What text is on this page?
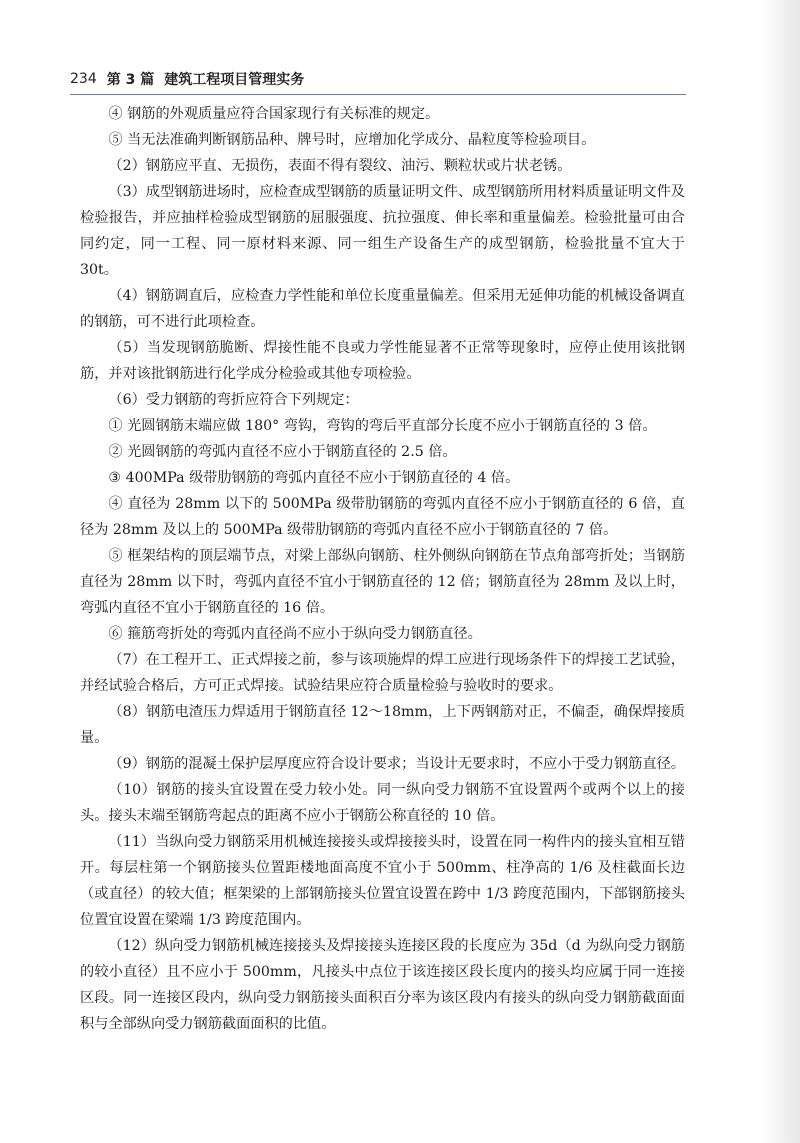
234 第 3 篇 建筑工程项目管理实务

④ 钢筋的外观质量应符合国家现行有关标准的规定。

⑤ 当无法准确判断钢筋品种、牌号时，应增加化学成分、晶粒度等检验项目。

（2）钢筋应平直、无损伤，表面不得有裂纹、油污、颗粒状或片状老锈。

（3）成型钢筋进场时，应检查成型钢筋的质量证明文件、成型钢筋所用材料质量证明文件及检验报告，并应抽样检验成型钢筋的屈服强度、抗拉强度、伸长率和重量偏差。检验批量可由合同约定，同一工程、同一原材料来源、同一组生产设备生产的成型钢筋，检验批量不宜大于 30t。

（4）钢筋调直后，应检查力学性能和单位长度重量偏差。但采用无延伸功能的机械设备调直的钢筋，可不进行此项检查。

（5）当发现钢筋脆断、焊接性能不良或力学性能显著不正常等现象时，应停止使用该批钢筋，并对该批钢筋进行化学成分检验或其他专项检验。

（6）受力钢筋的弯折应符合下列规定：

① 光圆钢筋末端应做 180° 弯钩，弯钩的弯后平直部分长度不应小于钢筋直径的 3 倍。

② 光圆钢筋的弯弧内直径不应小于钢筋直径的 2.5 倍。

③ 400MPa 级带肋钢筋的弯弧内直径不应小于钢筋直径的 4 倍。

④ 直径为 28mm 以下的 500MPa 级带肋钢筋的弯弧内直径不应小于钢筋直径的 6 倍，直径为 28mm 及以上的 500MPa 级带肋钢筋的弯弧内直径不应小于钢筋直径的 7 倍。

⑤ 框架结构的顶层端节点，对梁上部纵向钢筋、柱外侧纵向钢筋在节点角部弯折处；当钢筋直径为 28mm 以下时，弯弧内直径不宜小于钢筋直径的 12 倍；钢筋直径为 28mm 及以上时，弯弧内直径不宜小于钢筋直径的 16 倍。

⑥ 箍筋弯折处的弯弧内直径尚不应小于纵向受力钢筋直径。

（7）在工程开工、正式焊接之前，参与该项施焊的焊工应进行现场条件下的焊接工艺试验，并经试验合格后，方可正式焊接。试验结果应符合质量检验与验收时的要求。

（8）钢筋电渣压力焊适用于钢筋直径 12～18mm，上下两钢筋对正，不偏歪，确保焊接质量。

（9）钢筋的混凝土保护层厚度应符合设计要求；当设计无要求时，不应小于受力钢筋直径。

（10）钢筋的接头宜设置在受力较小处。同一纵向受力钢筋不宜设置两个或两个以上的接头。接头末端至钢筋弯起点的距离不应小于钢筋公称直径的 10 倍。

（11）当纵向受力钢筋采用机械连接接头或焊接接头时，设置在同一构件内的接头宜相互错开。每层柱第一个钢筋接头位置距楼地面高度不宜小于 500mm、柱净高的 1/6 及柱截面长边（或直径）的较大值；框架梁的上部钢筋接头位置宜设置在跨中 1/3 跨度范围内，下部钢筋接头位置宜设置在梁端 1/3 跨度范围内。

（12）纵向受力钢筋机械连接接头及焊接接头连接区段的长度应为 35d（d 为纵向受力钢筋的较小直径）且不应小于 500mm，凡接头中点位于该连接区段长度内的接头均应属于同一连接区段。同一连接区段内，纵向受力钢筋接头面积百分率为该区段内有接头的纵向受力钢筋截面面积与全部纵向受力钢筋截面面积的比值。
